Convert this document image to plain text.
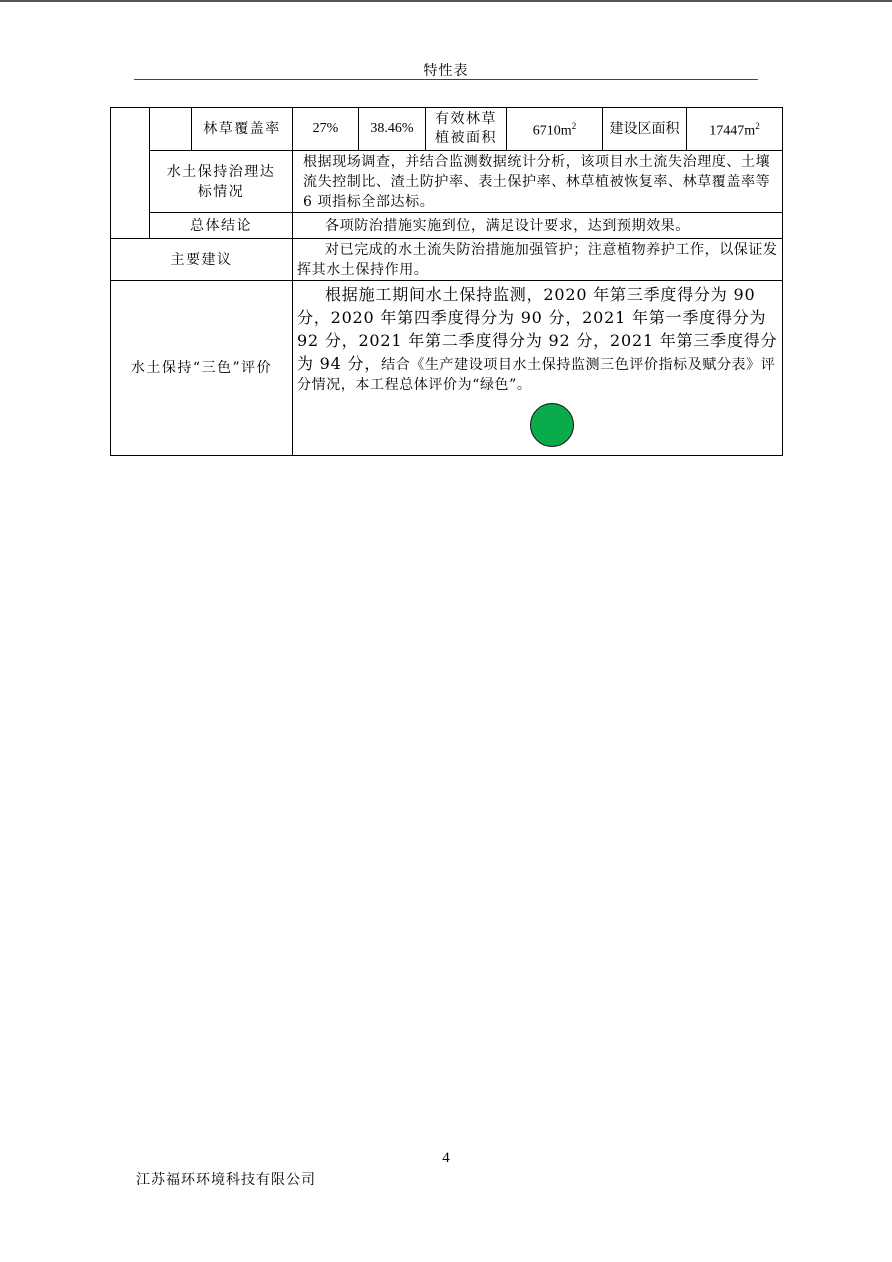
特性表
		林草覆盖率	27%	38.46%	有效林草植被面积	$6710m^2$	建设区面积	$17447m^2$
	水土保持治理达标情况		根据现场调查，并结合监测数据统计分析，该项目水土流失治理度、土壤流失控制比、渣土防护率、表土保护率、林草植被恢复率、林草覆盖率等 6 项指标全部达标。					
	总体结论		各项防治措施实施到位，满足设计要求，达到预期效果。					
主要建议			对已完成的水土流失防治措施加强管护；注意植物养护工作，以保证发挥其水土保持作用。					
水土保持“三色”评价			根据施工期间水土保持监测，2020 年第三季度得分为 90 分，2020 年第四季度得分为 90 分，2021 年第一季度得分为 92 分，2021 年第二季度得分为 92 分，2021 年第三季度得分为 94 分，结合《生产建设项目水土保持监测三色评价指标及赋分表》评分情况，本工程总体评价为“绿色”。					
4
江苏福环环境科技有限公司
